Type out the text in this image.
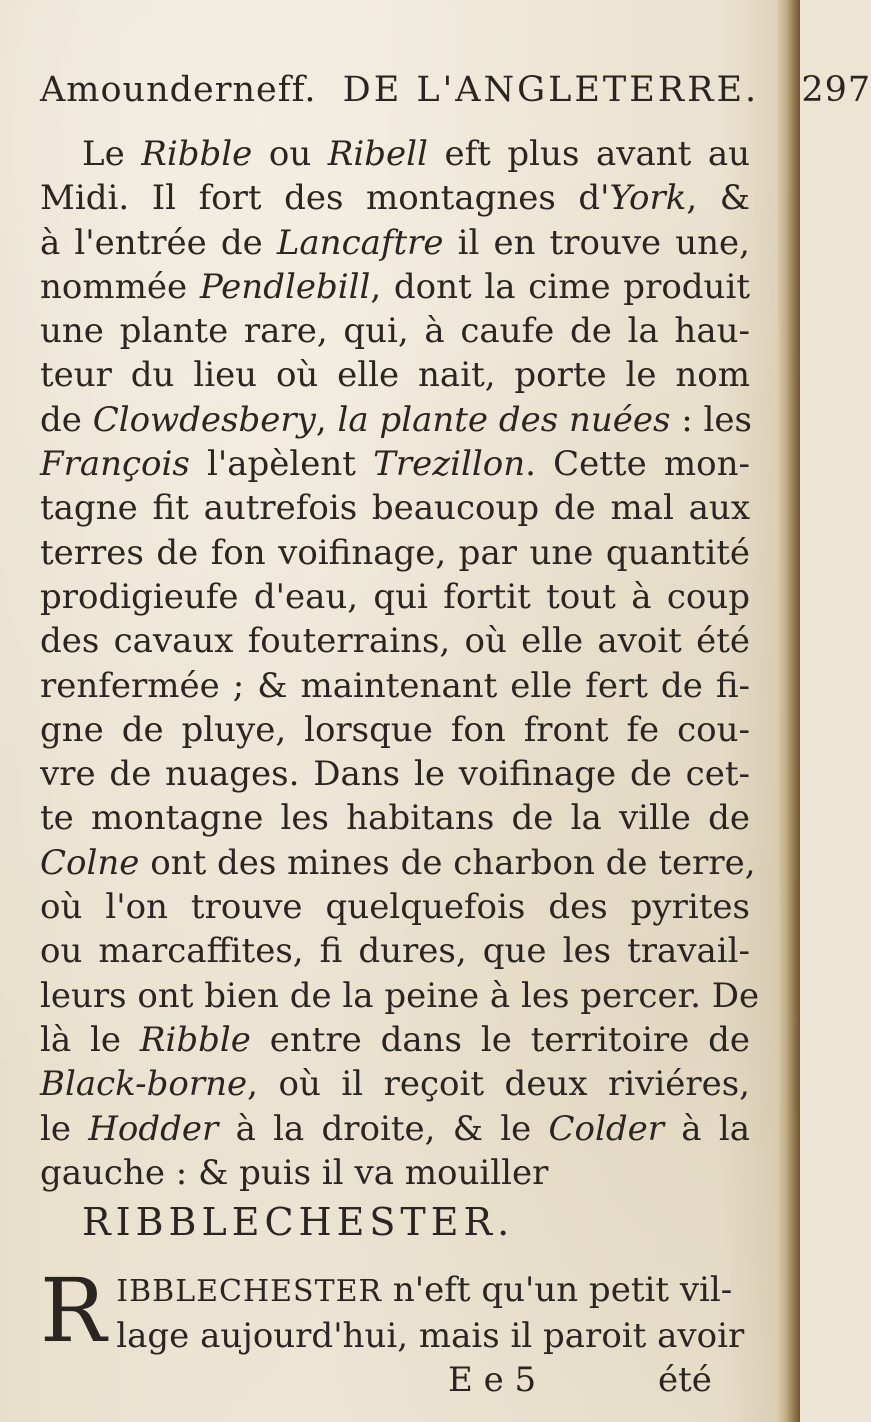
Amounderneff. DE L'ANGLETERRE. 297
Le Ribble ou Ribell eft plus avant au
Midi. Il fort des montagnes d'York, &
à l'entrée de Lancaftre il en trouve une,
nommée Pendlebill, dont la cime produit
une plante rare, qui, à caufe de la hau-
teur du lieu où elle nait, porte le nom
de Clowdesbery, la plante des nuées : les
François l'apèlent Trezillon. Cette mon-
tagne fit autrefois beaucoup de mal aux
terres de fon voifinage, par une quantité
prodigieufe d'eau, qui fortit tout à coup
des cavaux fouterrains, où elle avoit été
renfermée ; & maintenant elle fert de fi-
gne de pluye, lorsque fon front fe cou-
vre de nuages. Dans le voifinage de cet-
te montagne les habitans de la ville de
Colne ont des mines de charbon de terre,
où l'on trouve quelquefois des pyrites
ou marcaffites, fi dures, que les travail-
leurs ont bien de la peine à les percer. De
là le Ribble entre dans le territoire de
Black-borne, où il reçoit deux riviéres,
le Hodder à la droite, & le Colder à la
gauche : & puis il va mouiller
RIBBLECHESTER.
R IBBLECHESTER n'eft qu'un petit vil-
lage aujourd'hui, mais il paroit avoir
E e 5	été
